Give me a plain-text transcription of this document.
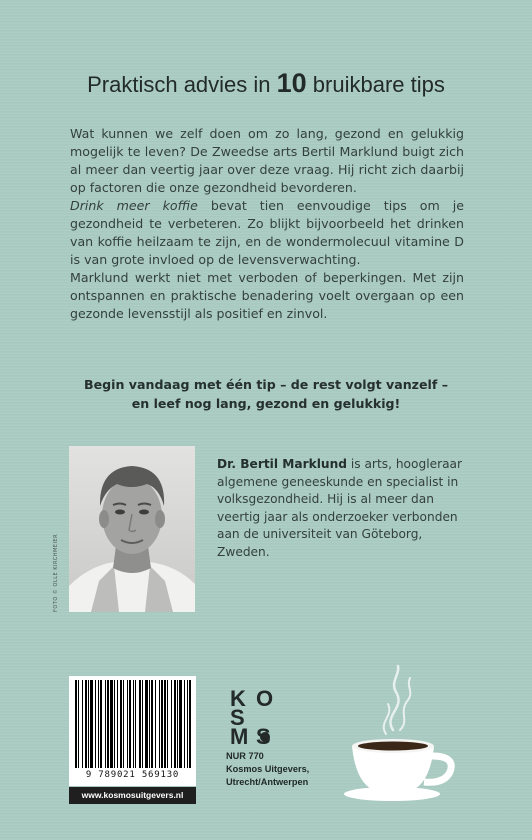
Praktisch advies in 10 bruikbare tips

Wat kunnen we zelf doen om zo lang, gezond en gelukkig mogelijk te leven? De Zweedse arts Bertil Marklund buigt zich al meer dan veertig jaar over deze vraag. Hij richt zich daarbij op factoren die onze gezondheid bevorderen.

Drink meer koffie bevat tien eenvoudige tips om je gezondheid te verbeteren. Zo blijkt bijvoorbeeld het drinken van koffie heilzaam te zijn, en de wondermolecuul vitamine D is van grote invloed op de levensverwachting.

Marklund werkt niet met verboden of beperkingen. Met zijn ontspannen en praktische benadering voelt overgaan op een gezonde levensstijl als positief en zinvol.

Begin vandaag met één tip – de rest volgt vanzelf –
en leef nog lang, gezond en gelukkig!
FOTO © OLLE KIRCHMEIER
Dr. Bertil Marklund is arts, hoogleraar algemene geneeskunde en specialist in volksgezondheid. Hij is al meer dan veertig jaar als onderzoeker verbonden aan de universiteit van Göteborg, Zweden.
9 789021 569130
www.kosmosuitgevers.nl
K O
S
M S
NUR 770
Kosmos Uitgevers,
Utrecht/Antwerpen
